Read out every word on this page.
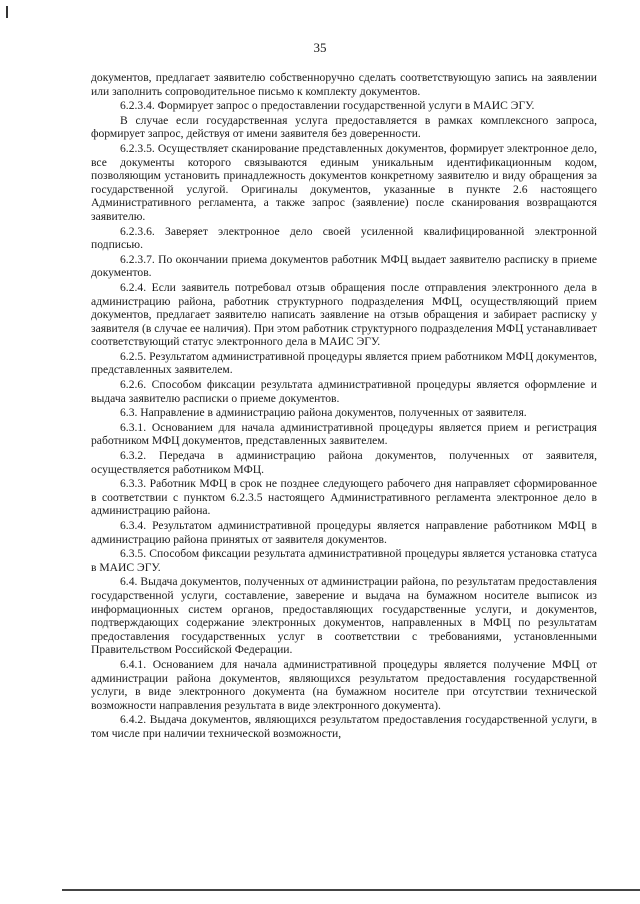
35

документов, предлагает заявителю собственноручно сделать соответствующую запись на заявлении или заполнить сопроводительное письмо к комплекту документов.

6.2.3.4. Формирует запрос о предоставлении государственной услуги в МАИС ЭГУ.

В случае если государственная услуга предоставляется в рамках комплексного запроса, формирует запрос, действуя от имени заявителя без доверенности.

6.2.3.5. Осуществляет сканирование представленных документов, формирует электронное дело, все документы которого связываются единым уникальным идентификационным кодом, позволяющим установить принадлежность документов конкретному заявителю и виду обращения за государственной услугой. Оригиналы документов, указанные в пункте 2.6 настоящего Административного регламента, а также запрос (заявление) после сканирования возвращаются заявителю.

6.2.3.6. Заверяет электронное дело своей усиленной квалифицированной электронной подписью.

6.2.3.7. По окончании приема документов работник МФЦ выдает заявителю расписку в приеме документов.

6.2.4. Если заявитель потребовал отзыв обращения после отправления электронного дела в администрацию района, работник структурного подразделения МФЦ, осуществляющий прием документов, предлагает заявителю написать заявление на отзыв обращения и забирает расписку у заявителя (в случае ее наличия). При этом работник структурного подразделения МФЦ устанавливает соответствующий статус электронного дела в МАИС ЭГУ.

6.2.5. Результатом административной процедуры является прием работником МФЦ документов, представленных заявителем.

6.2.6. Способом фиксации результата административной процедуры является оформление и выдача заявителю расписки о приеме документов.

6.3. Направление в администрацию района документов, полученных от заявителя.

6.3.1. Основанием для начала административной процедуры является прием и регистрация работником МФЦ документов, представленных заявителем.

6.3.2. Передача в администрацию района документов, полученных от заявителя, осуществляется работником МФЦ.

6.3.3. Работник МФЦ в срок не позднее следующего рабочего дня направляет сформированное в соответствии с пунктом 6.2.3.5 настоящего Административного регламента электронное дело в администрацию района.

6.3.4. Результатом административной процедуры является направление работником МФЦ в администрацию района принятых от заявителя документов.

6.3.5. Способом фиксации результата административной процедуры является установка статуса в МАИС ЭГУ.

6.4. Выдача документов, полученных от администрации района, по результатам предоставления государственной услуги, составление, заверение и выдача на бумажном носителе выписок из информационных систем органов, предоставляющих государственные услуги, и документов, подтверждающих содержание электронных документов, направленных в МФЦ по результатам предоставления государственных услуг в соответствии с требованиями, установленными Правительством Российской Федерации.

6.4.1. Основанием для начала административной процедуры является получение МФЦ от администрации района документов, являющихся результатом предоставления государственной услуги, в виде электронного документа (на бумажном носителе при отсутствии технической возможности направления результата в виде электронного документа).

6.4.2. Выдача документов, являющихся результатом предоставления государственной услуги, в том числе при наличии технической возможности,
